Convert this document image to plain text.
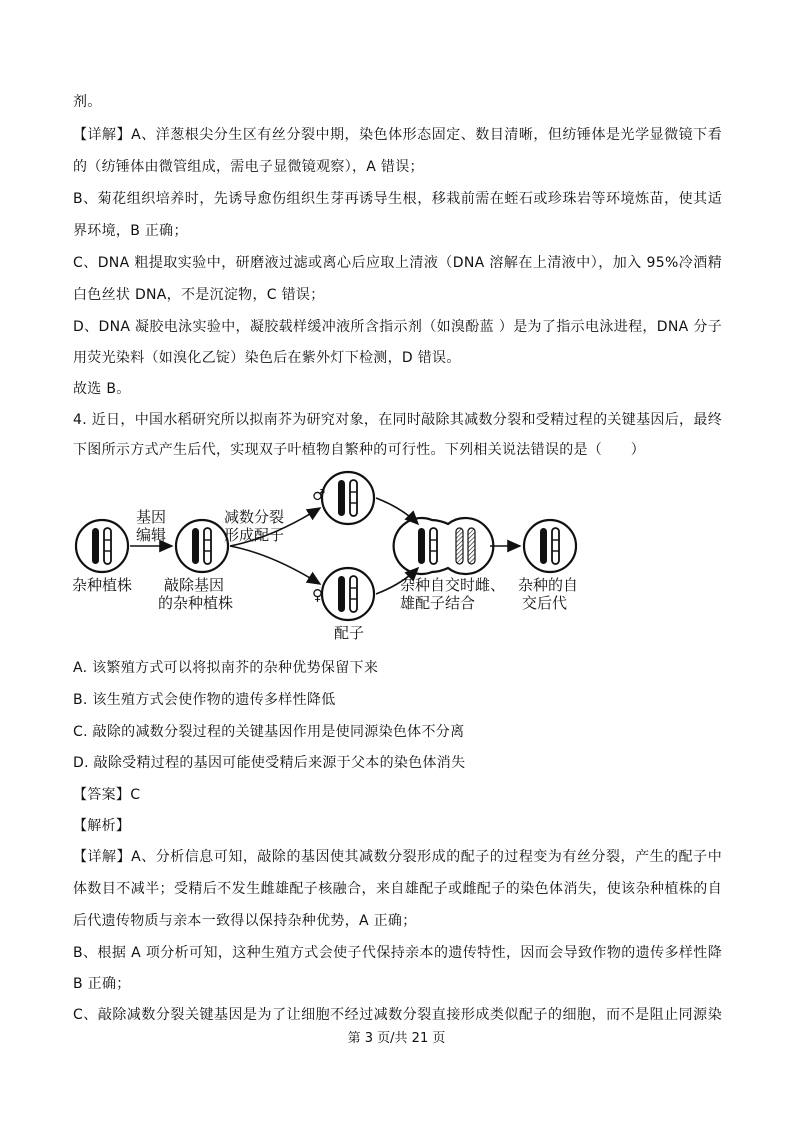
剂。
【详解】A、洋葱根尖分生区有丝分裂中期，染色体形态固定、数目清晰，但纺锤体是光学显微镜下看
的（纺锤体由微管组成，需电子显微镜观察），A 错误；
B、菊花组织培养时，先诱导愈伤组织生芽再诱导生根，移栽前需在蛭石或珍珠岩等环境炼苗，使其适
界环境，B 正确；
C、DNA 粗提取实验中，研磨液过滤或离心后应取上清液（DNA 溶解在上清液中），加入 95%冷酒精
白色丝状 DNA，不是沉淀物，C 错误；
D、DNA 凝胶电泳实验中，凝胶载样缓冲液所含指示剂（如溴酚蓝 ）是为了指示电泳进程，DNA 分子
用荧光染料（如溴化乙锭）染色后在紫外灯下检测，D 错误。
故选 B。
4. 近日，中国水稻研究所以拟南芥为研究对象，在同时敲除其减数分裂和受精过程的关键基因后，最终
下图所示方式产生后代，实现双子叶植物自繁种的可行性。下列相关说法错误的是（　　）
基因
编辑
减数分裂
形成配子
杂种植株 敲除基因
的杂种植株
♂
♀
配子
杂种自交时雌、
雄配子结合
杂种的自
交后代
A. 该繁殖方式可以将拟南芥的杂种优势保留下来
B. 该生殖方式会使作物的遗传多样性降低
C. 敲除的减数分裂过程的关键基因作用是使同源染色体不分离
D. 敲除受精过程的基因可能使受精后来源于父本的染色体消失
【答案】C
【解析】
【详解】A、分析信息可知，敲除的基因使其减数分裂形成的配子的过程变为有丝分裂，产生的配子中
体数目不减半；受精后不发生雌雄配子核融合，来自雄配子或雌配子的染色体消失，使该杂种植株的自
后代遗传物质与亲本一致得以保持杂种优势，A 正确；
B、根据 A 项分析可知，这种生殖方式会使子代保持亲本的遗传特性，因而会导致作物的遗传多样性降
B 正确；
C、敲除减数分裂关键基因是为了让细胞不经过减数分裂直接形成类似配子的细胞，而不是阻止同源染
第 3 页/共 21 页
